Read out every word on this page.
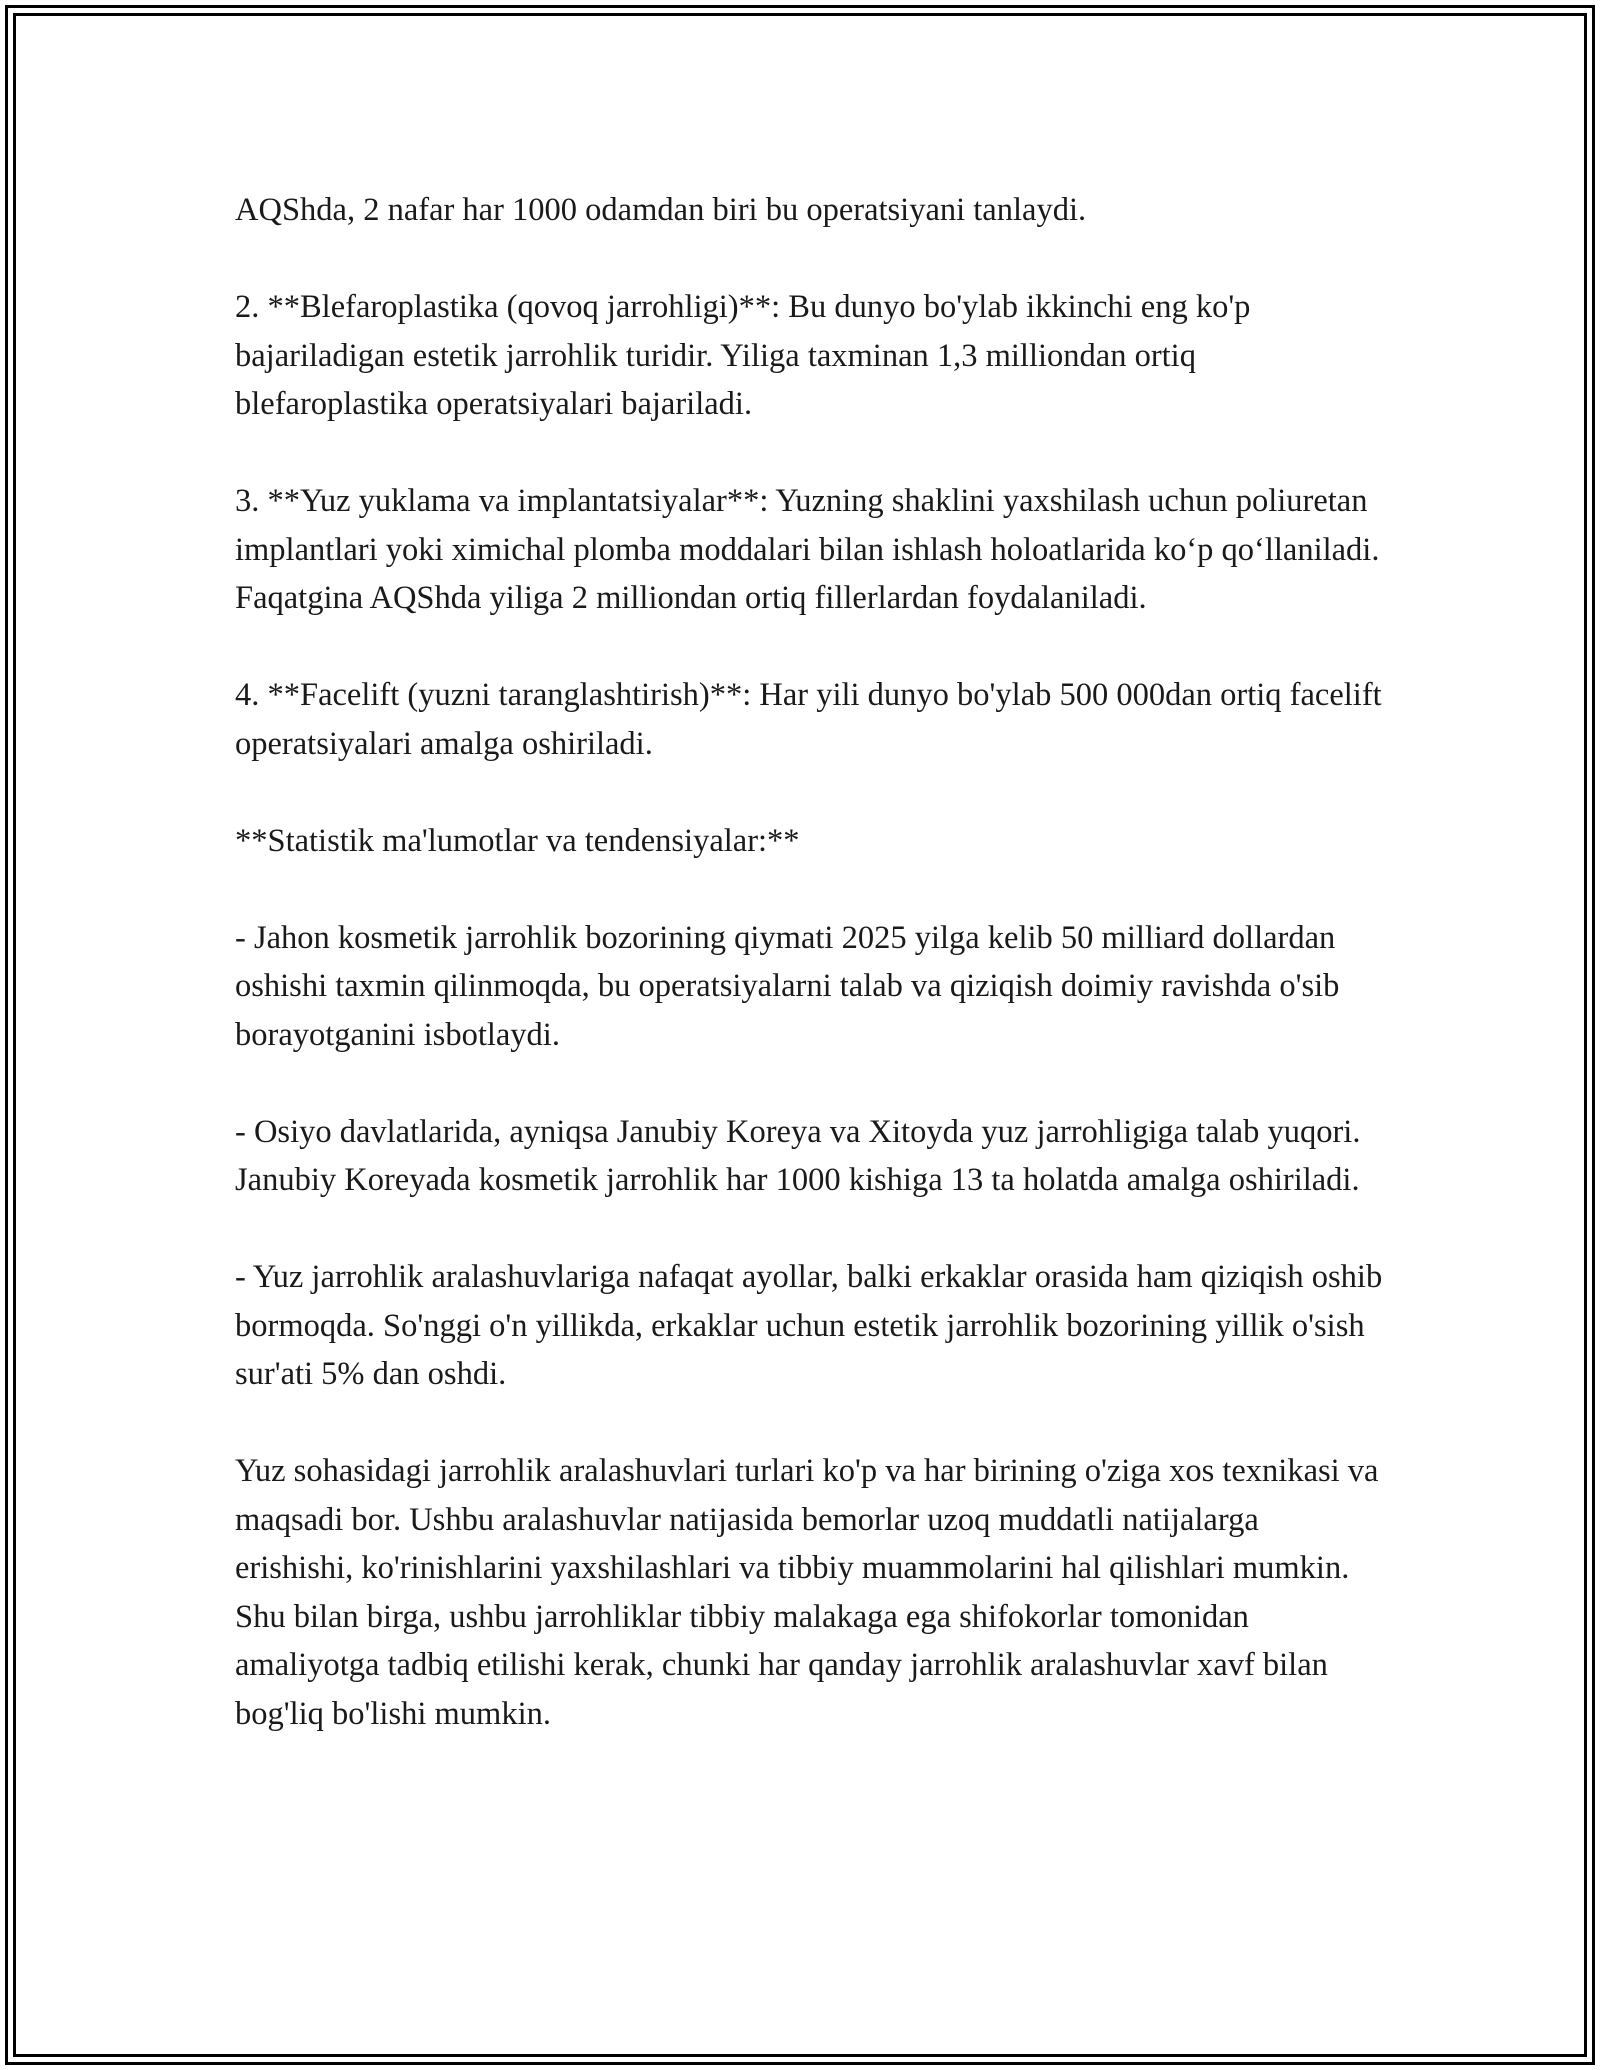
AQShda, 2 nafar har 1000 odamdan biri bu operatsiyani tanlaydi.

2. **Blefaroplastika (qovoq jarrohligi)**: Bu dunyo bo'ylab ikkinchi eng ko'p bajariladigan estetik jarrohlik turidir. Yiliga taxminan 1,3 milliondan ortiq blefaroplastika operatsiyalari bajariladi.

3. **Yuz yuklama va implantatsiyalar**: Yuzning shaklini yaxshilash uchun poliuretan implantlari yoki ximichal plomba moddalari bilan ishlash holoatlarida ko‘p qo‘llaniladi. Faqatgina AQShda yiliga 2 milliondan ortiq fillerlardan foydalaniladi.

4. **Facelift (yuzni taranglashtirish)**: Har yili dunyo bo'ylab 500 000dan ortiq facelift operatsiyalari amalga oshiriladi.

**Statistik ma'lumotlar va tendensiyalar:**

- Jahon kosmetik jarrohlik bozorining qiymati 2025 yilga kelib 50 milliard dollardan oshishi taxmin qilinmoqda, bu operatsiyalarni talab va qiziqish doimiy ravishda o'sib borayotganini isbotlaydi.

- Osiyo davlatlarida, ayniqsa Janubiy Koreya va Xitoyda yuz jarrohligiga talab yuqori. Janubiy Koreyada kosmetik jarrohlik har 1000 kishiga 13 ta holatda amalga oshiriladi.

- Yuz jarrohlik aralashuvlariga nafaqat ayollar, balki erkaklar orasida ham qiziqish oshib bormoqda. So'nggi o'n yillikda, erkaklar uchun estetik jarrohlik bozorining yillik o'sish sur'ati 5% dan oshdi.

Yuz sohasidagi jarrohlik aralashuvlari turlari ko'p va har birining o'ziga xos texnikasi va maqsadi bor. Ushbu aralashuvlar natijasida bemorlar uzoq muddatli natijalarga erishishi, ko'rinishlarini yaxshilashlari va tibbiy muammolarini hal qilishlari mumkin. Shu bilan birga, ushbu jarrohliklar tibbiy malakaga ega shifokorlar tomonidan amaliyotga tadbiq etilishi kerak, chunki har qanday jarrohlik aralashuvlar xavf bilan bog'liq bo'lishi mumkin.
